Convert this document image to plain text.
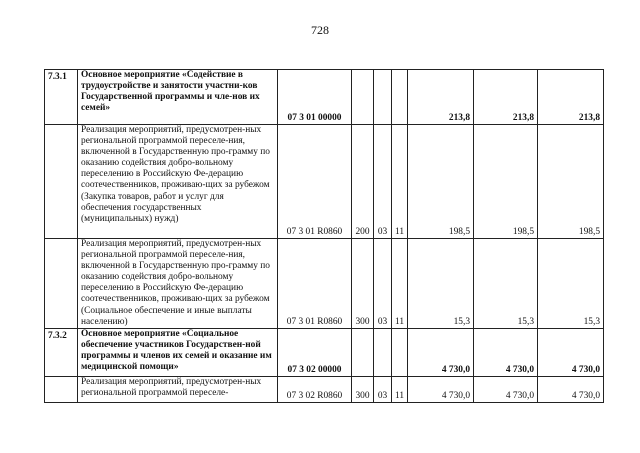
728
7.3.1	Основное мероприятие «Содействие в трудоустройстве и занятости участни-ков Государственной программы и чле-нов их семей»	07 3 01 00000				213,8	213,8	213,8
	Реализация мероприятий, предусмотрен-ных региональной программой переселе-ния, включенной в Государственную про-грамму по оказанию содействия добро-вольному переселению в Российскую Фе-дерацию соотечественников, проживаю-щих за рубежом (Закупка товаров, работ и услуг для обеспечения государственных (муниципальных) нужд)	07 3 01 R0860	200	03	11	198,5	198,5	198,5
	Реализация мероприятий, предусмотрен-ных региональной программой переселе-ния, включенной в Государственную про-грамму по оказанию содействия добро-вольному переселению в Российскую Фе-дерацию соотечественников, проживаю-щих за рубежом (Социальное обеспечение и иные выплаты населению)	07 3 01 R0860	300	03	11	15,3	15,3	15,3
7.3.2	Основное мероприятие «Социальное обеспечение участников Государствен-ной программы и членов их семей и оказание им медицинской помощи»	07 3 02 00000				4 730,0	4 730,0	4 730,0
	Реализация мероприятий, предусмотрен-ных региональной программой переселе-	07 3 02 R0860	300	03	11	4 730,0	4 730,0	4 730,0
